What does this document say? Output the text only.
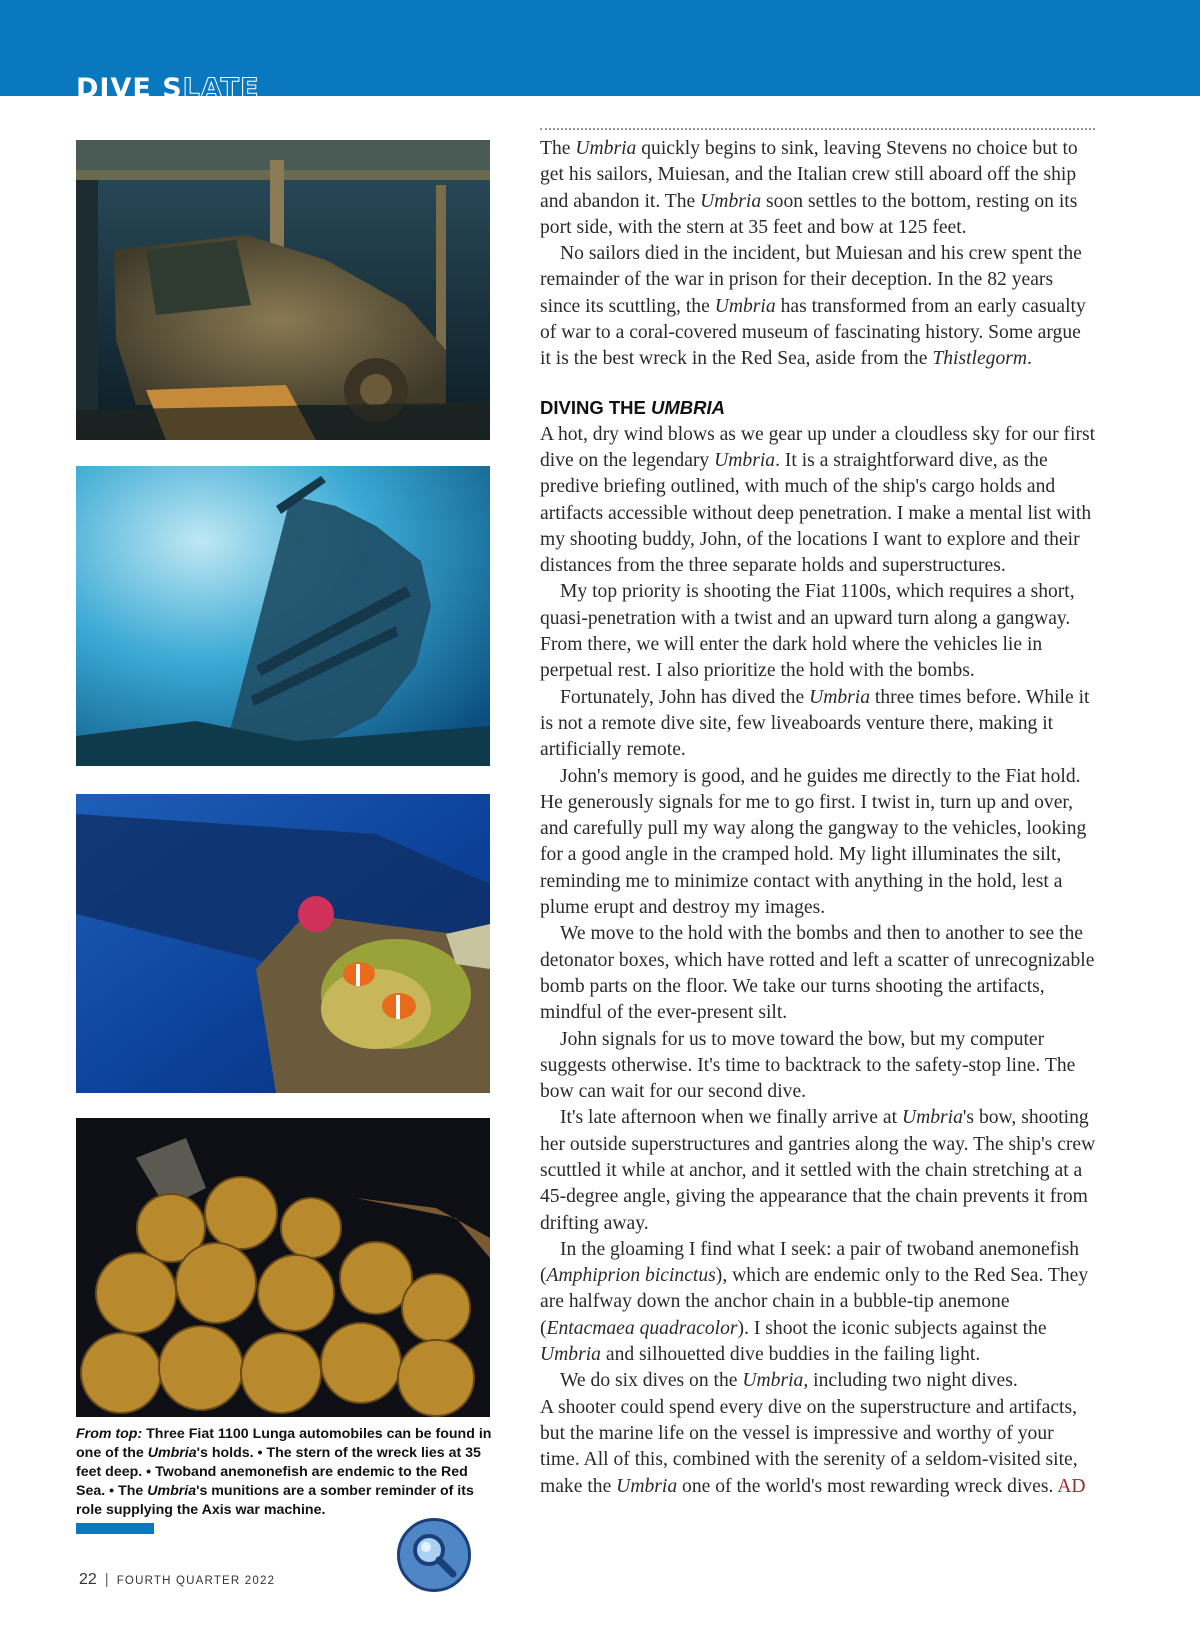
DIVE SLATE
From top: Three Fiat 1100 Lunga automobiles can be found in one of the Umbria's holds. • The stern of the wreck lies at 35 feet deep. • Twoband anemonefish are endemic to the Red Sea. • The Umbria's munitions are a somber reminder of its role supplying the Axis war machine.
22 | FOURTH QUARTER 2022

The Umbria quickly begins to sink, leaving Stevens no choice but to get his sailors, Muiesan, and the Italian crew still aboard off the ship and abandon it. The Umbria soon settles to the bottom, resting on its port side, with the stern at 35 feet and bow at 125 feet.

No sailors died in the incident, but Muiesan and his crew spent the remainder of the war in prison for their deception. In the 82 years since its scuttling, the Umbria has transformed from an early casualty of war to a coral-covered museum of fascinating history. Some argue it is the best wreck in the Red Sea, aside from the Thistlegorm.

DIVING THE UMBRIA

A hot, dry wind blows as we gear up under a cloudless sky for our first dive on the legendary Umbria. It is a straightforward dive, as the predive briefing outlined, with much of the ship's cargo holds and artifacts accessible without deep penetration. I make a mental list with my shooting buddy, John, of the locations I want to explore and their distances from the three separate holds and superstructures.

My top priority is shooting the Fiat 1100s, which requires a short, quasi-penetration with a twist and an upward turn along a gangway. From there, we will enter the dark hold where the vehicles lie in perpetual rest. I also prioritize the hold with the bombs.

Fortunately, John has dived the Umbria three times before. While it is not a remote dive site, few liveaboards venture there, making it artificially remote.

John's memory is good, and he guides me directly to the Fiat hold. He generously signals for me to go first. I twist in, turn up and over, and carefully pull my way along the gangway to the vehicles, looking for a good angle in the cramped hold. My light illuminates the silt, reminding me to minimize contact with anything in the hold, lest a plume erupt and destroy my images.

We move to the hold with the bombs and then to another to see the detonator boxes, which have rotted and left a scatter of unrecognizable bomb parts on the floor. We take our turns shooting the artifacts, mindful of the ever-present silt.

John signals for us to move toward the bow, but my computer suggests otherwise. It's time to backtrack to the safety-stop line. The bow can wait for our second dive.

It's late afternoon when we finally arrive at Umbria's bow, shooting her outside superstructures and gantries along the way. The ship's crew scuttled it while at anchor, and it settled with the chain stretching at a 45-degree angle, giving the appearance that the chain prevents it from drifting away.

In the gloaming I find what I seek: a pair of twoband anemonefish (Amphiprion bicinctus), which are endemic only to the Red Sea. They are halfway down the anchor chain in a bubble-tip anemone (Entacmaea quadracolor). I shoot the iconic subjects against the Umbria and silhouetted dive buddies in the failing light.

We do six dives on the Umbria, including two night dives.

A shooter could spend every dive on the superstructure and artifacts, but the marine life on the vessel is impressive and worthy of your time. All of this, combined with the serenity of a seldom-visited site, make the Umbria one of the world's most rewarding wreck dives. AD
